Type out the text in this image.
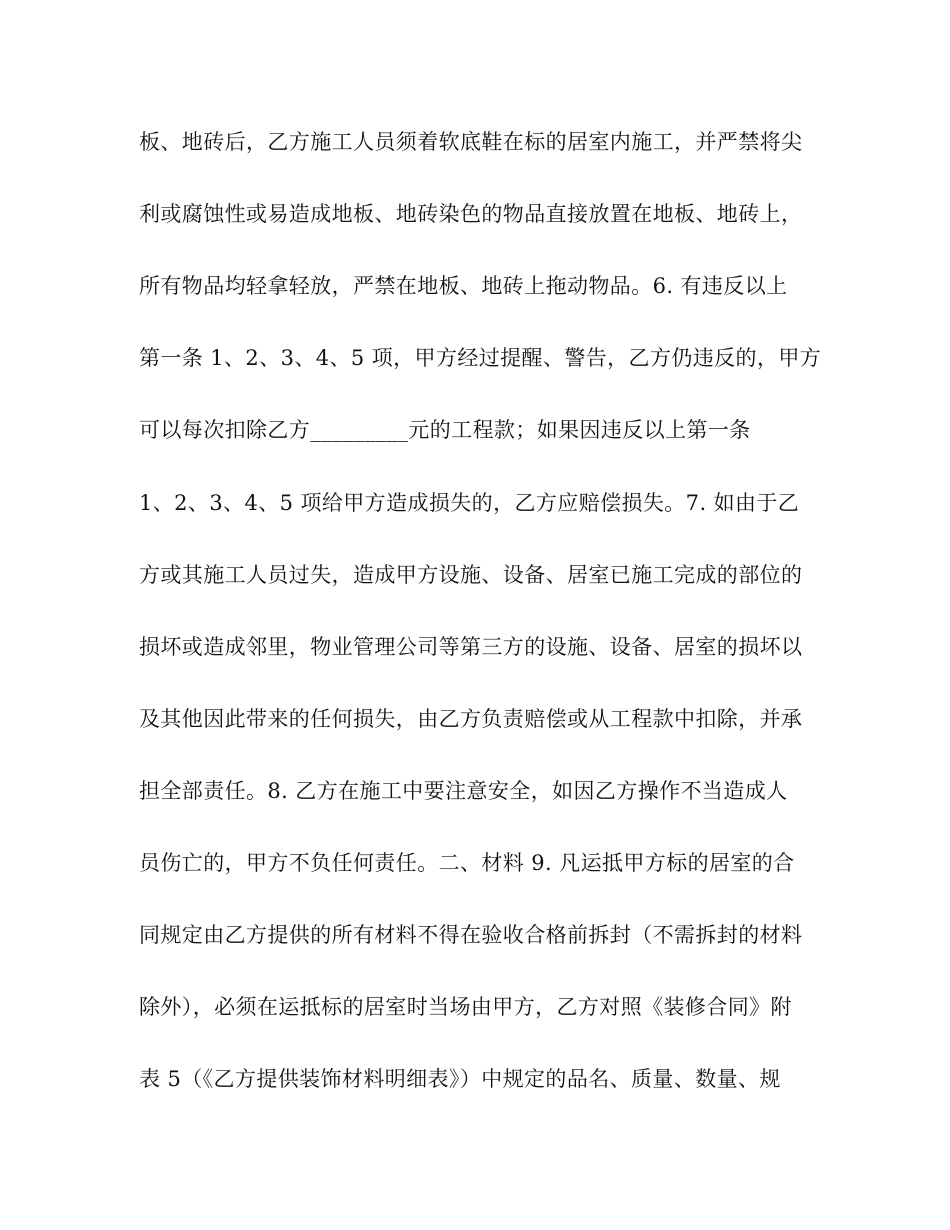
板、地砖后，乙方施工人员须着软底鞋在标的居室内施工，并严禁将尖
利或腐蚀性或易造成地板、地砖染色的物品直接放置在地板、地砖上，
所有物品均轻拿轻放，严禁在地板、地砖上拖动物品。6. 有违反以上
第一条 1、2、3、4、5 项，甲方经过提醒、警告，乙方仍违反的，甲方
可以每次扣除乙方_________元的工程款；如果因违反以上第一条
1、2、3、4、5 项给甲方造成损失的，乙方应赔偿损失。7. 如由于乙
方或其施工人员过失，造成甲方设施、设备、居室已施工完成的部位的
损坏或造成邻里，物业管理公司等第三方的设施、设备、居室的损坏以
及其他因此带来的任何损失，由乙方负责赔偿或从工程款中扣除，并承
担全部责任。8. 乙方在施工中要注意安全，如因乙方操作不当造成人
员伤亡的，甲方不负任何责任。二、材料 9. 凡运抵甲方标的居室的合
同规定由乙方提供的所有材料不得在验收合格前拆封（不需拆封的材料
除外），必须在运抵标的居室时当场由甲方，乙方对照《装修合同》附
表 5（《乙方提供装饰材料明细表》）中规定的品名、质量、数量、规
